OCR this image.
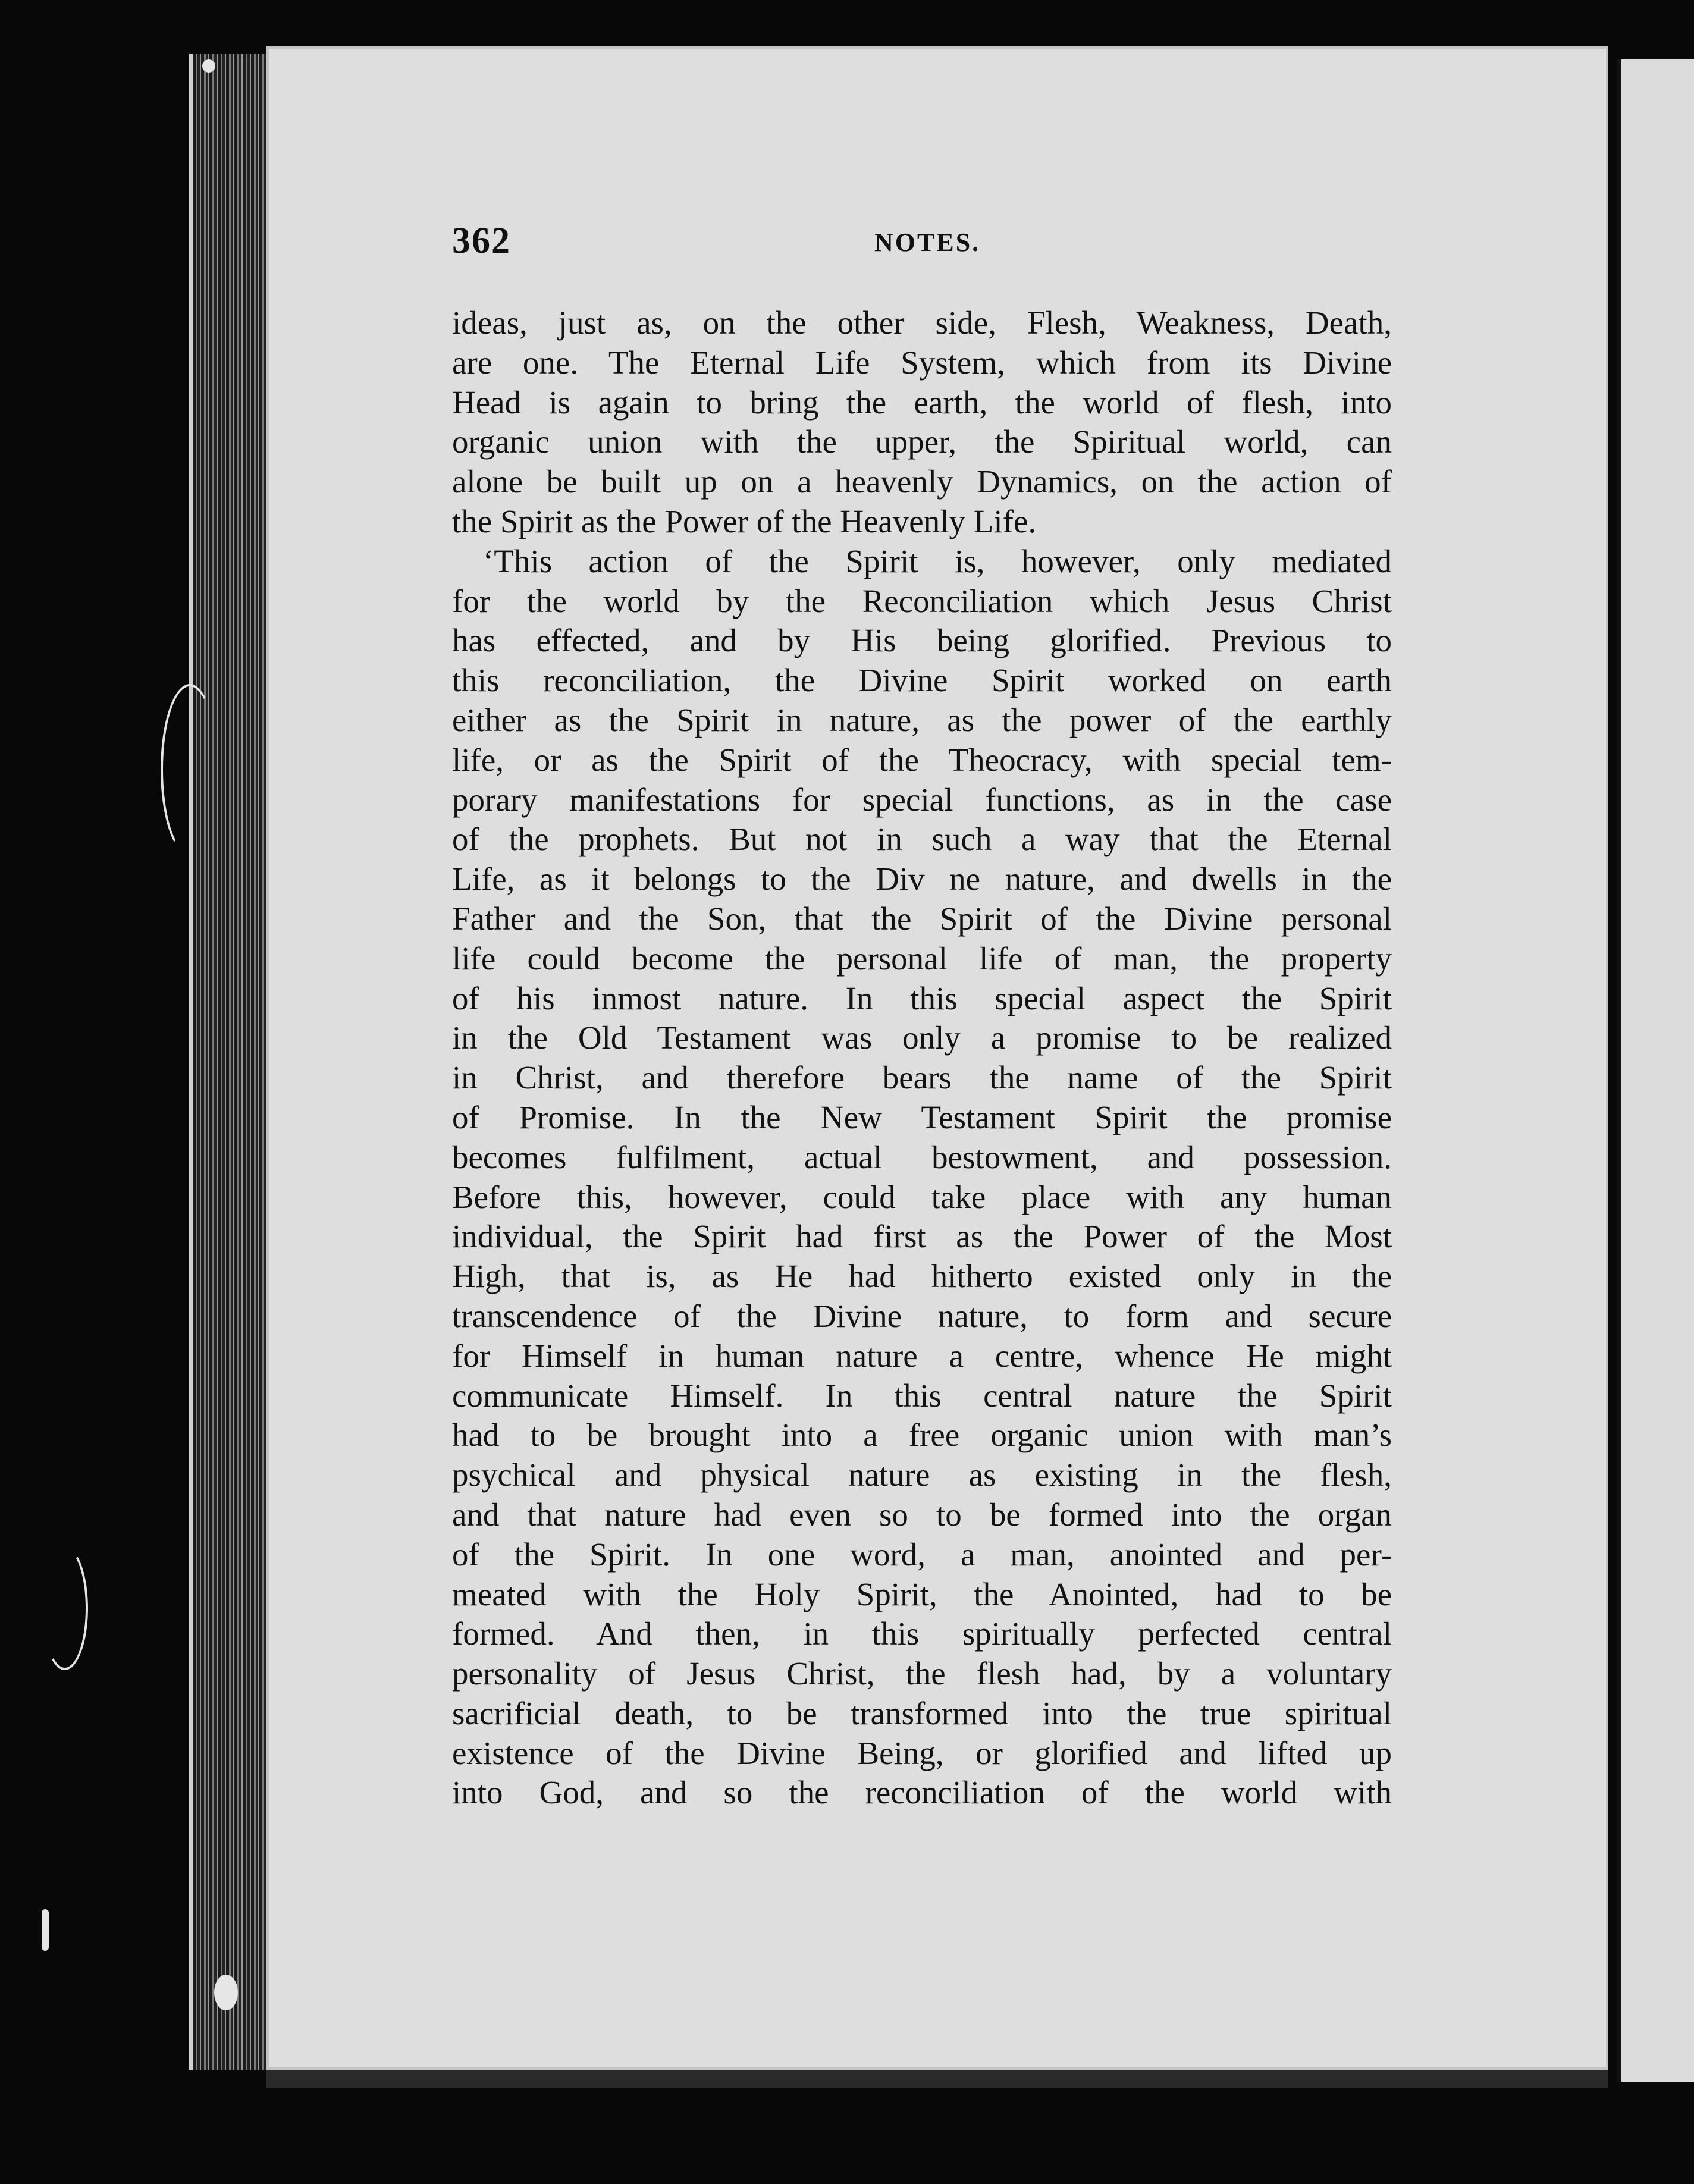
362	NOTES.
ideas, just as, on the other side, Flesh, Weakness, Death,
are one. The Eternal Life System, which from its Divine
Head is again to bring the earth, the world of flesh, into
organic union with the upper, the Spiritual world, can
alone be built up on a heavenly Dynamics, on the action of
the Spirit as the Power of the Heavenly Life.
‘This action of the Spirit is, however, only mediated
for the world by the Reconciliation which Jesus Christ
has effected, and by His being glorified. Previous to
this reconciliation, the Divine Spirit worked on earth
either as the Spirit in nature, as the power of the earthly
life, or as the Spirit of the Theocracy, with special tem-
porary manifestations for special functions, as in the case
of the prophets. But not in such a way that the Eternal
Life, as it belongs to the Div ne nature, and dwells in the
Father and the Son, that the Spirit of the Divine personal
life could become the personal life of man, the property
of his inmost nature. In this special aspect the Spirit
in the Old Testament was only a promise to be realized
in Christ, and therefore bears the name of the Spirit
of Promise. In the New Testament Spirit the promise
becomes fulfilment, actual bestowment, and possession.
Before this, however, could take place with any human
individual, the Spirit had first as the Power of the Most
High, that is, as He had hitherto existed only in the
transcendence of the Divine nature, to form and secure
for Himself in human nature a centre, whence He might
communicate Himself. In this central nature the Spirit
had to be brought into a free organic union with man’s
psychical and physical nature as existing in the flesh,
and that nature had even so to be formed into the organ
of the Spirit. In one word, a man, anointed and per-
meated with the Holy Spirit, the Anointed, had to be
formed. And then, in this spiritually perfected central
personality of Jesus Christ, the flesh had, by a voluntary
sacrificial death, to be transformed into the true spiritual
existence of the Divine Being, or glorified and lifted up
into God, and so the reconciliation of the world with
